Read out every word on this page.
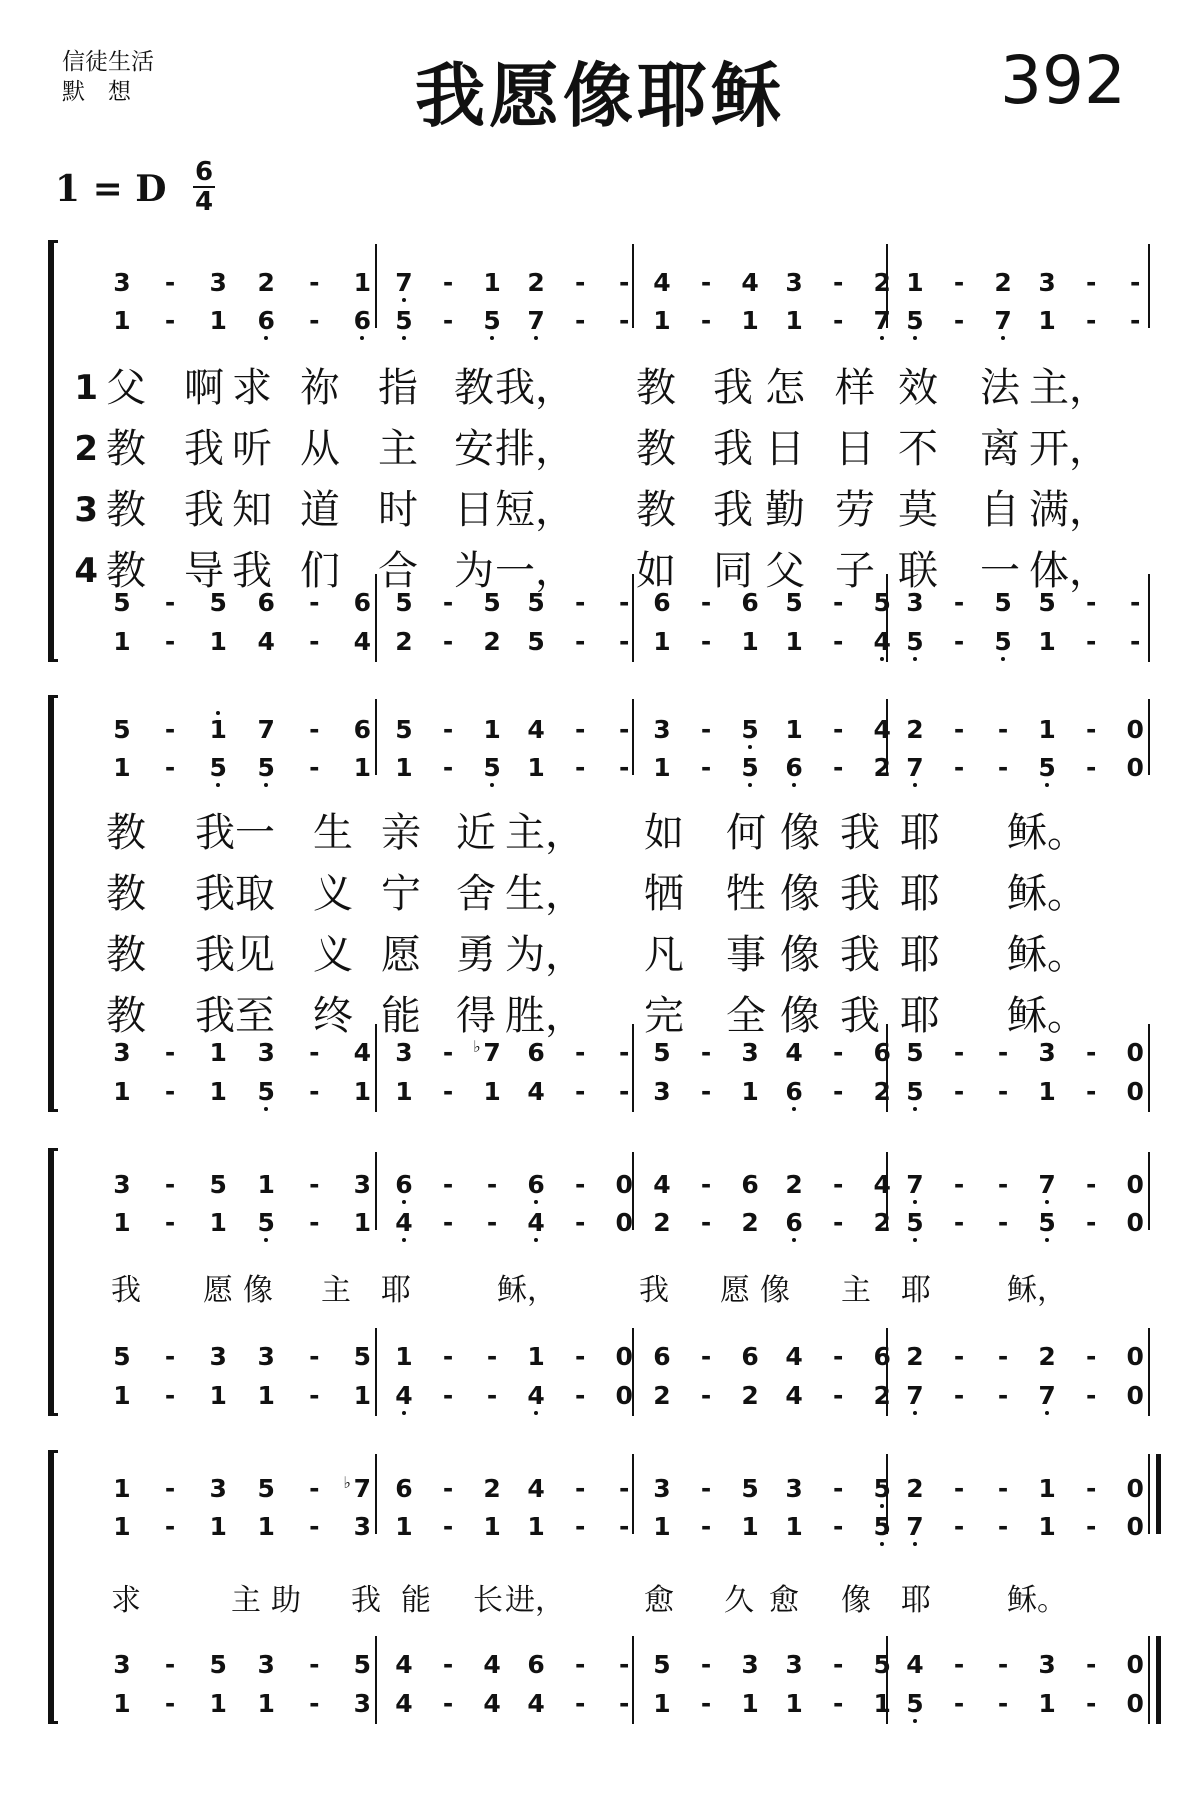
信徒生活
默　想	我愿像耶稣	392
1 = D 6
4
3	-	3 2	-	1 7	-	1 2	-	- 4	-	4 3	-	2 1	-	2 3	-	-
1	-	1 6	-	6 5	-	5 7	-	- 1	-	1 1	-	7 5	-	7 1	-	-
5	-	5 6	-	6 5	-	5 5	-	- 6	-	6 5	-	5 3	-	5 5	-	-
1	-	1 4	-	4 2	-	2 5	-	- 1	-	1 1	-	4 5	-	5 1	-	-
1 父 啊 求 祢 指 教 我， 教 我 怎 样 效 法 主，
2 教 我 听 从 主 安 排， 教 我 日 日 不 离 开，
3 教 我 知 道 时 日 短， 教 我 勤 劳 莫 自 满，
4 教 导 我 们 合 为 一， 如 同 父 子 联 一 体，
5	-	1 7	-	6 5	-	1 4	-	- 3	-	5 1	-	4 2	-	-	1	-	0
1	-	5 5	-	1 1	-	5 1	-	- 1	-	5 6	-	2 7	-	-	5	-	0
3	-	1 3	-	4 3	-	7
♭ 6	-	- 5	-	3 4	-	6 5	-	-	3	-	0
1	-	1 5	-	1 1	-	1 4	-	- 3	-	1 6	-	2 5	-	-	1	-	0
教 我 一 生 亲 近 主， 如 何 像 我 耶 稣。
教 我 取 义 宁 舍 生， 牺 牲 像 我 耶 稣。
教 我 见 义 愿 勇 为， 凡 事 像 我 耶 稣。
教 我 至 终 能 得 胜， 完 全 像 我 耶 稣。
3	-	5 1	-	3 6	-	-	6	-	0 4	-	6 2	-	4 7	-	-	7	-	0
1	-	1 5	-	1 4	-	-	4	-	0 2	-	2 6	-	2 5	-	-	5	-	0
5	-	3 3	-	5 1	-	-	1	-	0 6	-	6 4	-	6 2	-	-	2	-	0
1	-	1 1	-	1 4	-	-	4	-	0 2	-	2 4	-	2 7	-	-	7	-	0
我 愿 像 主 耶	稣，	我 愿 像 主 耶	稣，
1	-	3 5	-	7
♭ 6	-	2 4	-	- 3	-	5 3	-	5 2	-	-	1	-	0
1	-	1 1	-	3 1	-	1 1	-	- 1	-	1 1	-	5 7	-	-	1	-	0
3	-	5 3	-	5 4	-	4 6	-	- 5	-	3 3	-	5 4	-	-	3	-	0
1	-	1 1	-	3 4	-	4 4	-	- 1	-	1 1	-	1 5	-	-	1	-	0
求	主 助 我 能 长 进，	愈 久 愈 像 耶	稣。
